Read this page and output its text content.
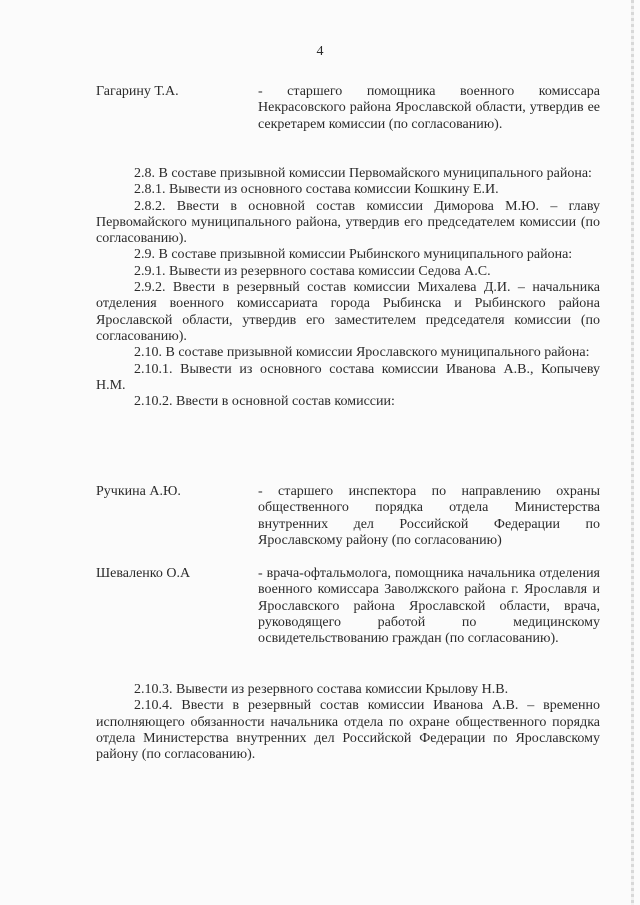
4
Гагарину Т.А.	- старшего помощника военного комиссара Некрасовского района Ярославской области, утвердив ее секретарем комиссии (по согласованию).

2.8. В составе призывной комиссии Первомайского муниципального района:

2.8.1. Вывести из основного состава комиссии Кошкину Е.И.

2.8.2. Ввести в основной состав комиссии Диморова М.Ю. – главу Первомайского муниципального района, утвердив его председателем комиссии (по согласованию).

2.9. В составе призывной комиссии Рыбинского муниципального района:

2.9.1. Вывести из резервного состава комиссии Седова А.С.

2.9.2. Ввести в резервный состав комиссии Михалева Д.И. – начальника отделения военного комиссариата города Рыбинска и Рыбинского района Ярославской области, утвердив его заместителем председателя комиссии (по согласованию).

2.10. В составе призывной комиссии Ярославского муниципального района:

2.10.1. Вывести из основного состава комиссии Иванова А.В., Копычеву Н.М.

2.10.2. Ввести в основной состав комиссии:

Ручкина А.Ю.	- старшего инспектора по направлению охраны общественного порядка отдела Министерства внутренних дел Российской Федерации по Ярославскому району (по согласованию)
Шеваленко О.А	- врача-офтальмолога, помощника начальника отделения военного комиссара Заволжского района г. Ярославля и Ярославского района Ярославской области, врача, руководящего работой по медицинскому освидетельствованию граждан (по согласованию).

2.10.3. Вывести из резервного состава комиссии Крылову Н.В.

2.10.4. Ввести в резервный состав комиссии Иванова А.В. – временно исполняющего обязанности начальника отдела по охране общественного порядка отдела Министерства внутренних дел Российской Федерации по Ярославскому району (по согласованию).
